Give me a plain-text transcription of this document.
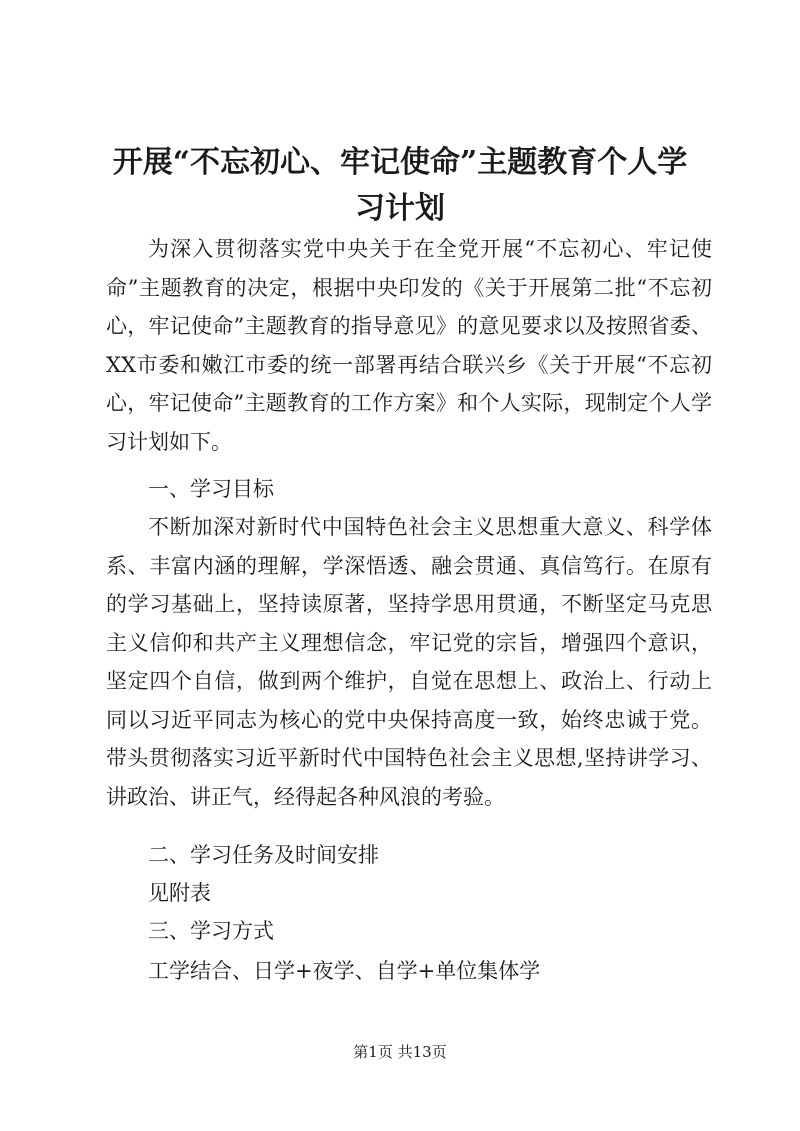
开展“不忘初心、牢记使命”主题教育个人学习计划

为深入贯彻落实党中央关于在全党开展“不忘初心、牢记使命”主题教育的决定，根据中央印发的《关于开展第二批“不忘初心，牢记使命”主题教育的指导意见》的意见要求以及按照省委、XX市委和嫩江市委的统一部署再结合联兴乡《关于开展“不忘初心，牢记使命”主题教育的工作方案》和个人实际，现制定个人学习计划如下。

一、学习目标

不断加深对新时代中国特色社会主义思想重大意义、科学体系、丰富内涵的理解，学深悟透、融会贯通、真信笃行。在原有的学习基础上，坚持读原著，坚持学思用贯通，不断坚定马克思主义信仰和共产主义理想信念，牢记党的宗旨，增强四个意识，坚定四个自信，做到两个维护，自觉在思想上、政治上、行动上同以习近平同志为核心的党中央保持高度一致，始终忠诚于党。带头贯彻落实习近平新时代中国特色社会主义思想,坚持讲学习、讲政治、讲正气，经得起各种风浪的考验。

二、学习任务及时间安排

见附表

三、学习方式

工学结合、日学+夜学、自学+单位集体学

第1页 共13页
